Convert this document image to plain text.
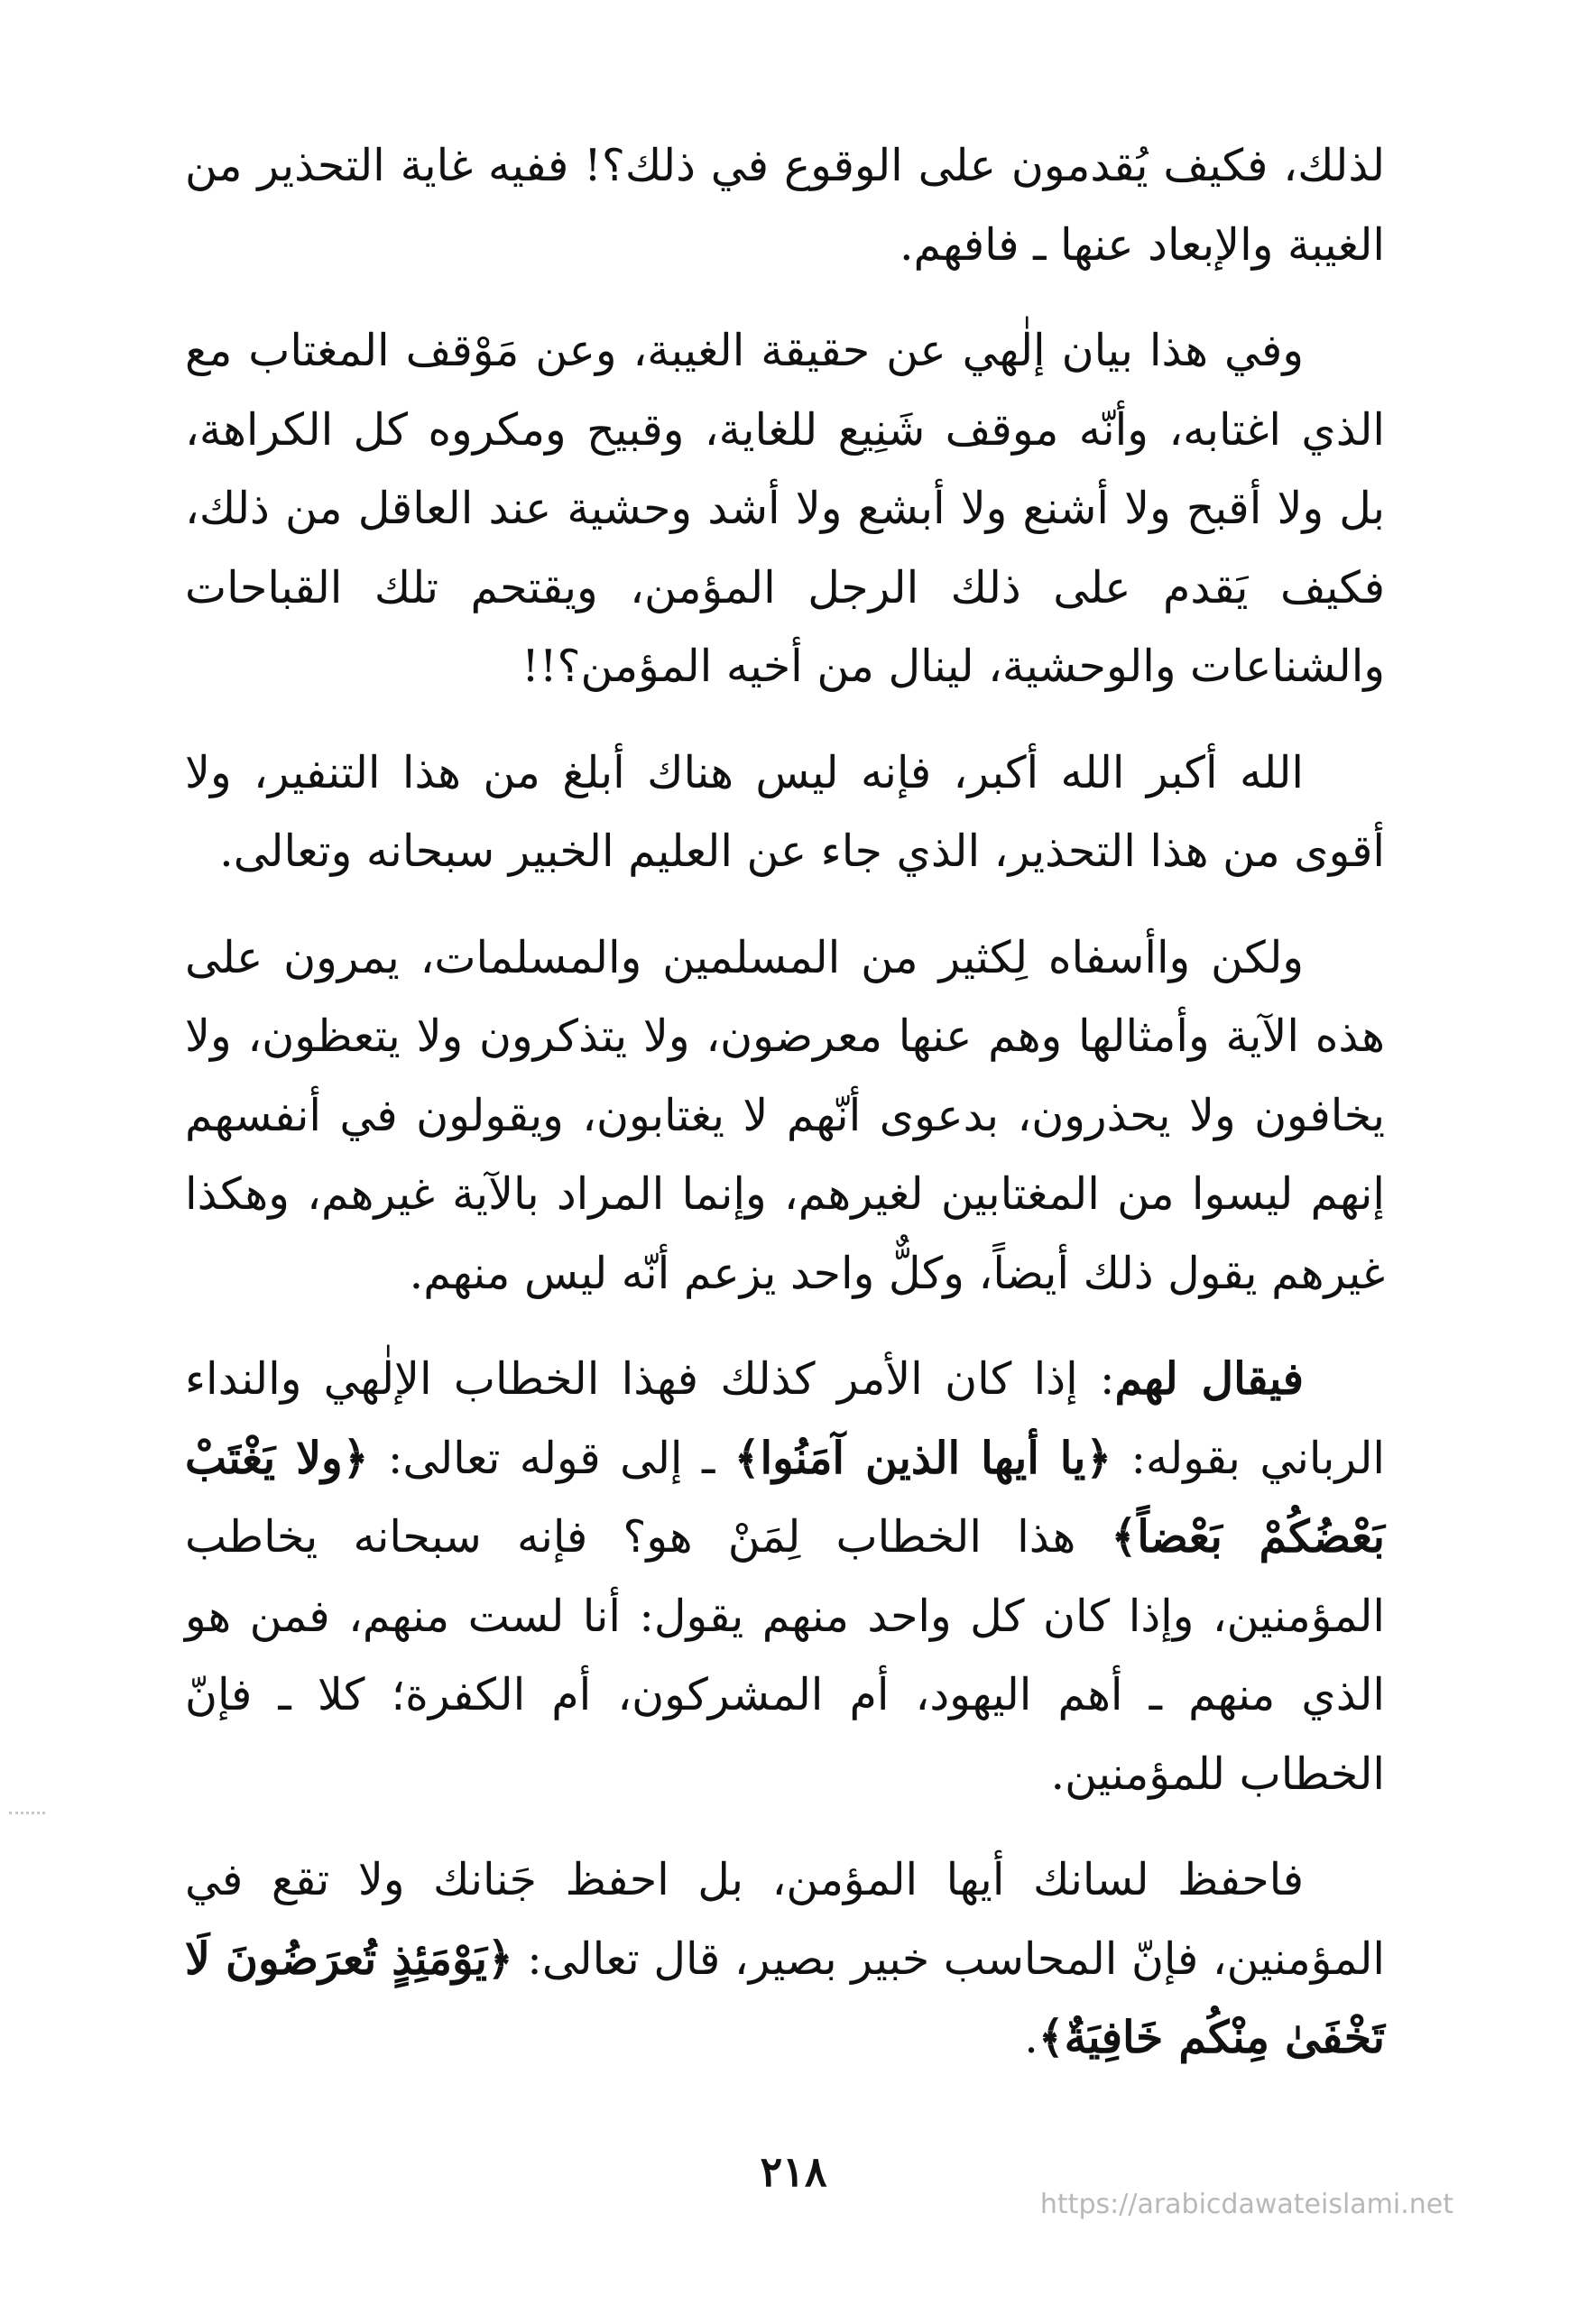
لذلك، فكيف يُقدمون على الوقوع في ذلك؟! ففيه غاية التحذير من الغيبة والإبعاد عنها ـ فافهم.

وفي هذا بيان إلٰهي عن حقيقة الغيبة، وعن مَوْقف المغتاب مع الذي اغتابه، وأنّه موقف شَنِيع للغاية، وقبيح ومكروه كل الكراهة، بل ولا أقبح ولا أشنع ولا أبشع ولا أشد وحشية عند العاقل من ذلك، فكيف يَقدم على ذلك الرجل المؤمن، ويقتحم تلك القباحات والشناعات والوحشية، لينال من أخيه المؤمن؟!!

الله أكبر الله أكبر، فإنه ليس هناك أبلغ من هذا التنفير، ولا أقوى من هذا التحذير، الذي جاء عن العليم الخبير سبحانه وتعالى.

ولكن واأسفاه لِكثير من المسلمين والمسلمات، يمرون على هذه الآية وأمثالها وهم عنها معرضون، ولا يتذكرون ولا يتعظون، ولا يخافون ولا يحذرون، بدعوى أنّهم لا يغتابون، ويقولون في أنفسهم إنهم ليسوا من المغتابين لغيرهم، وإنما المراد بالآية غيرهم، وهكذا غيرهم يقول ذلك أيضاً، وكلٌّ واحد يزعم أنّه ليس منهم.

فيقال لهم: إذا كان الأمر كذلك فهذا الخطاب الإلٰهي والنداء الرباني بقوله: ﴿يا أيها الذين آمَنُوا﴾ ـ إلى قوله تعالى: ﴿ولا يَغْتَبْ بَعْضُكُمْ بَعْضاً﴾ هذا الخطاب لِمَنْ هو؟ فإنه سبحانه يخاطب المؤمنين، وإذا كان كل واحد منهم يقول: أنا لست منهم، فمن هو الذي منهم ـ أهم اليهود، أم المشركون، أم الكفرة؛ كلا ـ فإنّ الخطاب للمؤمنين.

فاحفظ لسانك أيها المؤمن، بل احفظ جَنانك ولا تقع في المؤمنين، فإنّ المحاسب خبير بصير، قال تعالى: ﴿يَوْمَئِذٍ تُعرَضُونَ لَا تَخْفَىٰ مِنْكُم خَافِيَةٌ﴾.

٢١٨
https://arabicdawateislami.net
